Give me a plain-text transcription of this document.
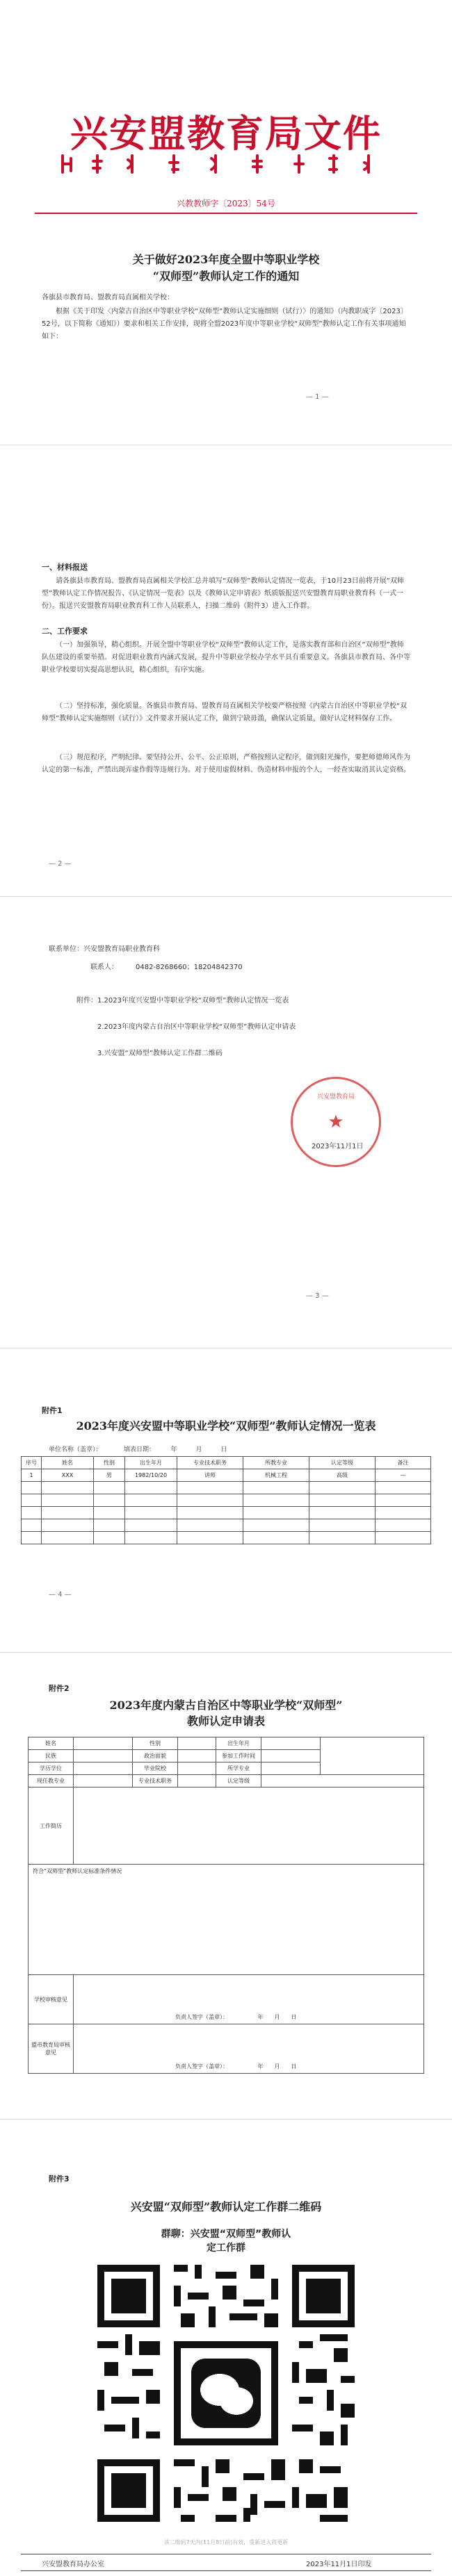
兴安盟教育局文件
兴教教师字〔2023〕54号
关于做好2023年度全盟中等职业学校
“双师型”教师认定工作的通知
各旗县市教育局、盟教育局直属相关学校：
根据《关于印发〈内蒙古自治区中等职业学校“双师型”教师认定实施细则（试行）〉的通知》（内教职成字〔2023〕52号，以下简称《通知》）要求和相关工作安排，现将全盟2023年度中等职业学校“双师型”教师认定工作有关事项通知如下：
— 1 —
一、材料报送
请各旗县市教育局、盟教育局直属相关学校汇总并填写“双师型”教师认定情况一览表，于10月23日前将开展“双师型”教师认定工作情况报告、《认定情况一览表》以及《教师认定申请表》纸质版报送兴安盟教育局职业教育科（一式一份）。报送兴安盟教育局职业教育科工作人员联系人，扫描二维码（附件3）进入工作群。
二、工作要求
（一）加强领导，精心组织。开展全盟中等职业学校“双师型”教师认定工作，是落实教育部和自治区“双师型”教师队伍建设的重要举措。对促进职业教育内涵式发展，提升中等职业学校办学水平具有重要意义。各旗县市教育局、各中等职业学校要切实提高思想认识，精心组织，有序实施。
（二）坚持标准，强化质量。各旗县市教育局、盟教育局直属相关学校要严格按照《内蒙古自治区中等职业学校“双师型”教师认定实施细则（试行）》文件要求开展认定工作，做到宁缺毋滥，确保认定质量，做好认定材料保存工作。
（三）规范程序，严明纪律。要坚持公开、公平、公正原则，严格按照认定程序，做到阳光操作，要把师德师风作为认定的第一标准，严禁出现弄虚作假等违规行为。对于使用虚假材料、伪造材料申报的个人，一经查实取消其认定资格。
— 2 —
联系单位：兴安盟教育局职业教育科
联系人：　　　0482-8268660；18204842370
附件： 1.2023年度兴安盟中等职业学校“双师型”教师认定情况一览表
2.2023年度内蒙古自治区中等职业学校“双师型”教师认定申请表
3.兴安盟“双师型”教师认定工作群二维码
兴安盟教育局
★
2023年11月1日
— 3 —
附件1
2023年度兴安盟中等职业学校“双师型”教师认定情况一览表
单位名称（盖章）：　　　　填表日期：　　　年　　　月　　　日
序号	姓名	性别	出生年月	专业技术职务	所教专业	认定等级	备注
1	XXX	男	1982/10/20	讲师	机械工程	高级	—

— 4 —
附件2
2023年度内蒙古自治区中等职业学校“双师型”
教师认定申请表
姓名		性别		出生年月		
民族		政治面貌		参加工作时间		
学历学位		毕业院校		所学专业		
现任教专业		专业技术职务		认定等级		
工作简历						
符合“双师型”教师认定标准条件情况						
学校审核意见	负责人签字（盖章）： 年　　月　　日					
盟市教育局审核意见	负责人签字（盖章）： 年　　月　　日					
附件3
兴安盟“双师型”教师认定工作群二维码
群聊：兴安盟“双师型”教师认
定工作群
该二维码7天内(11月8日前)有效，重新进入将更新
兴安盟教育局办公室	2023年11月1日印发
